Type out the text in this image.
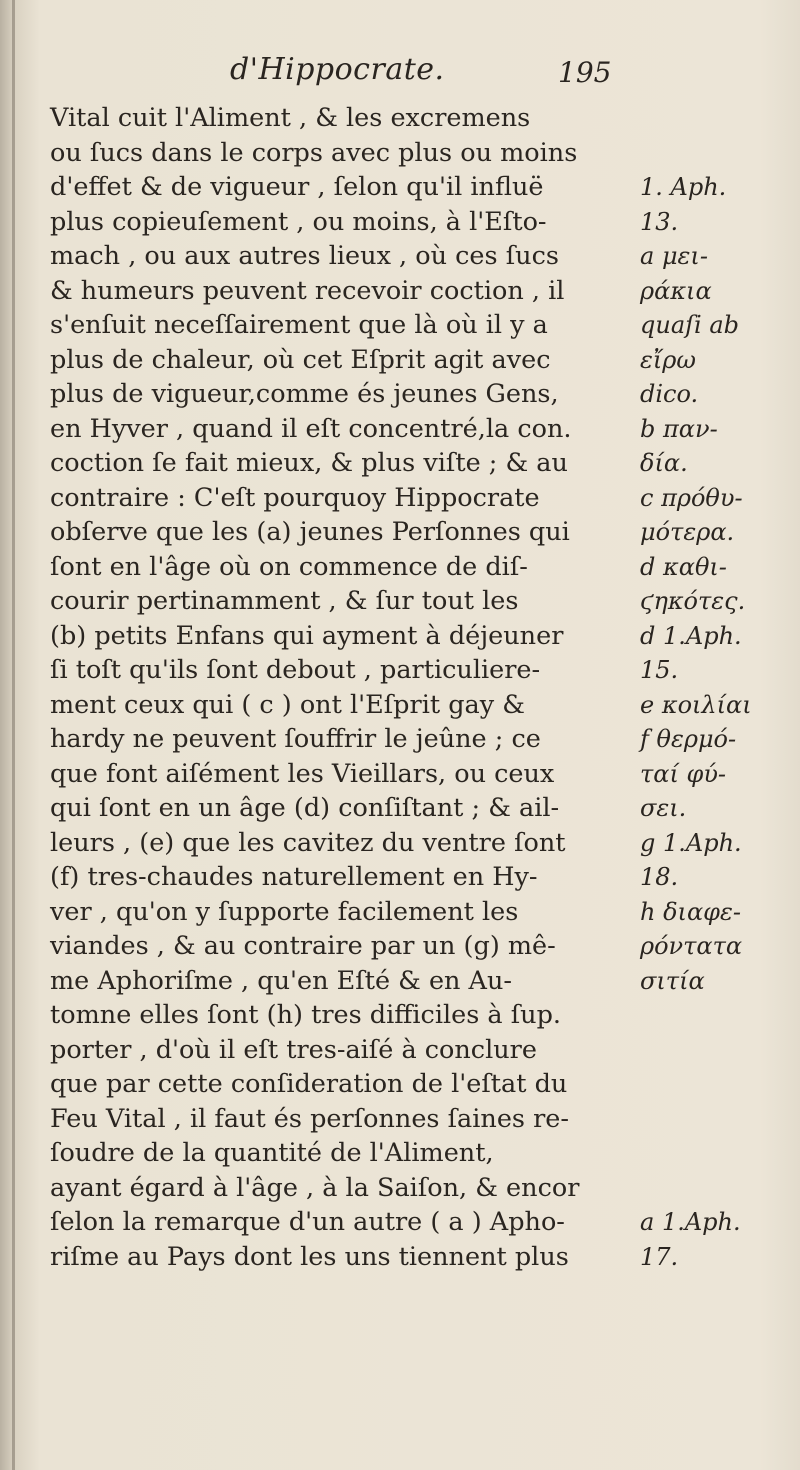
d'Hippocrate.	195
Vital cuit l'Aliment , & les excremens
ou ſucs dans le corps avec plus ou moins
d'effet & de vigueur , ſelon qu'il influë
plus copieuſement , ou moins, à l'Eſto-
mach , ou aux autres lieux , où ces ſucs
& humeurs peuvent recevoir coction , il
s'enſuit neceſſairement que là où il y a
plus de chaleur, où cet Eſprit agit avec
plus de vigueur,comme és jeunes Gens,
en Hyver , quand il eſt concentré,la con.
coction ſe fait mieux, & plus viſte ; & au
contraire : C'eſt pourquoy Hippocrate
obſerve que les (a) jeunes Perſonnes qui
ſont en l'âge où on commence de diſ-
courir pertinamment , & ſur tout les
(b) petits Enfans qui ayment à déjeuner
ſi toſt qu'ils ſont debout , particuliere-
ment ceux qui ( c ) ont l'Eſprit gay &
hardy ne peuvent ſouffrir le jeûne ; ce
que font aiſément les Vieillars, ou ceux
qui ſont en un âge (d) conſiſtant ; & ail-
leurs , (e) que les cavitez du ventre ſont
(f) tres-chaudes naturellement en Hy-
ver , qu'on y ſupporte facilement les
viandes , & au contraire par un (g) mê-
me Aphoriſme , qu'en Eſté & en Au-
tomne elles ſont (h) tres difficiles à ſup.
porter , d'où il eſt tres-aiſé à conclure
que par cette conſideration de l'eſtat du
Feu Vital , il faut és perſonnes ſaines re-
ſoudre de la quantité de l'Aliment,
ayant égard à l'âge , à la Saiſon, & encor
ſelon la remarque d'un autre ( a ) Apho-
riſme au Pays dont les uns tiennent plus
1. Aph.
13.
a μει-
ράκια
quaſi ab
εἴρω
dico.
b παν-
δία.
c πρόθυ-
μότερα.
d καθι-
ϛηκότες.
d 1.Aph.
15.
e κοιλίαι
f θερμό-
ταί φύ-
σει.
g 1.Aph.
18.
h διαφε-
ρόντατα
σιτία
a 1.Aph.
17.
